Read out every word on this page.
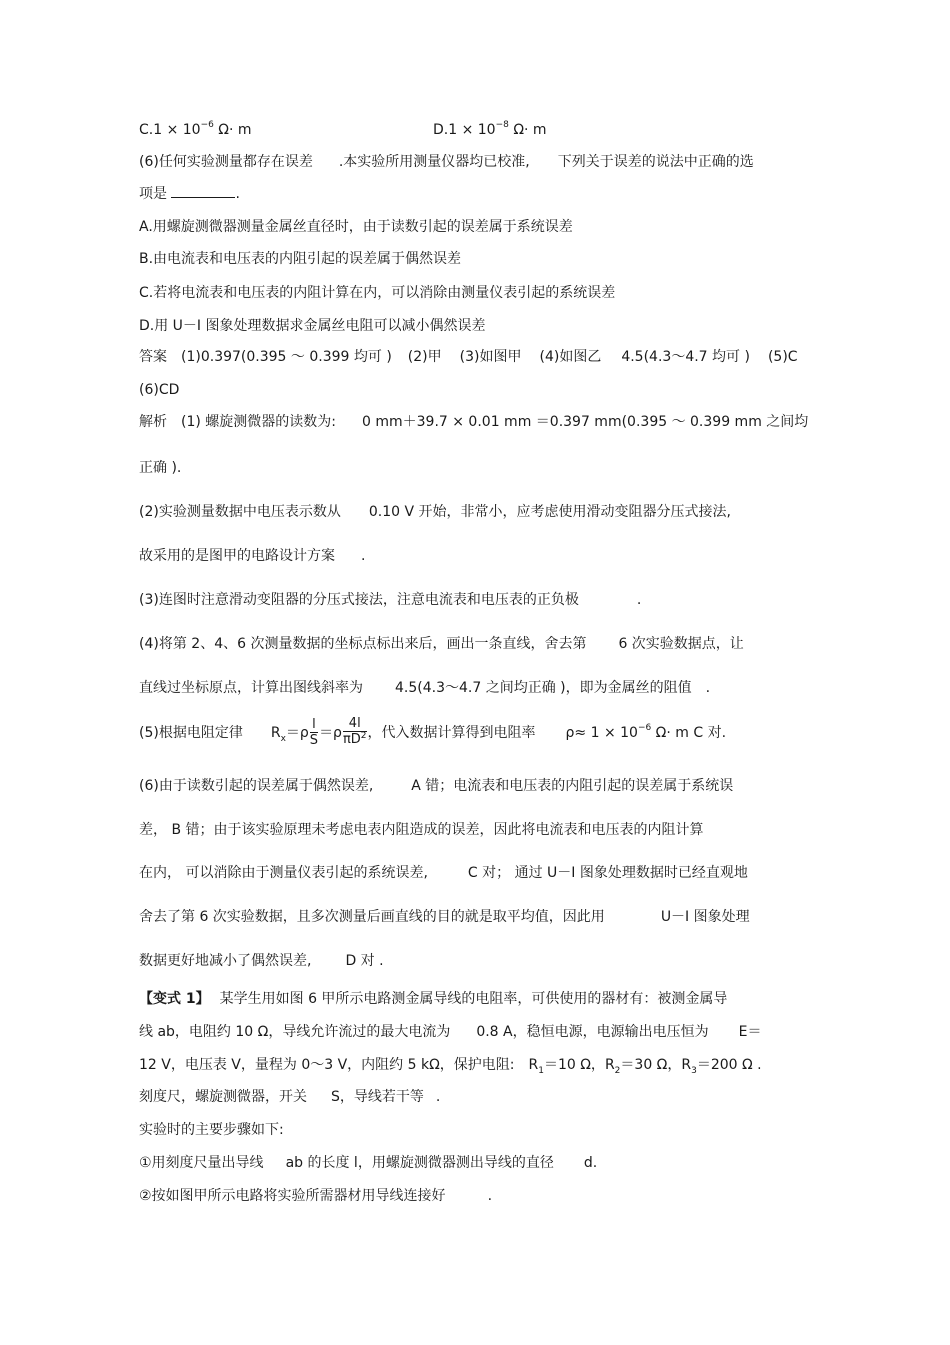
$C.1 \times 10^{-6}$ Ω· m	$D.1 \times 10^{-8}$ Ω· m
(6)任何实验测量都存在误差 .本实验所用测量仪器均已校准, 下列关于误差的说法中正确的选
项是	.
A.用螺旋测微器测量金属丝直径时，由于读数引起的误差属于系统误差
B.由电流表和电压表的内阻引起的误差属于偶然误差
C.若将电流表和电压表的内阻计算在内，可以消除由测量仪表引起的系统误差
D.用 U－I 图象处理数据求金属丝电阻可以减小偶然误差
答案 (1)0.397(0.395 ～ 0.399 均可 ) (2)甲 (3)如图甲 (4)如图乙 4.5(4.3～4.7 均可 ) (5)C
(6)CD
解析 (1) 螺旋测微器的读数为: 0 mm＋39.7 × 0.01 mm ＝0.397 mm(0.395 ～ 0.399 mm 之间均
正确 ).
(2)实验测量数据中电压表示数从 0.10 V 开始，非常小，应考虑使用滑动变阻器分压式接法,
故采用的是图甲的电路设计方案 .
(3)连图时注意滑动变阻器的分压式接法，注意电流表和电压表的正负极	.
(4)将第 2、4、6 次测量数据的坐标点标出来后，画出一条直线，舍去第 6 次实验数据点，让
直线过坐标原点，计算出图线斜率为 4.5(4.3～4.7 之间均正确 )，即为金属丝的阻值 .
(5)根据电阻定律 $R_x=\rho \frac{l}{S} =\rho \frac{4l}{\pi D^2}$ ，代入数据计算得到电阻率 $\rho\approx 1 \times 10^{-6}$ Ω· m C 对.
(6)由于读数引起的误差属于偶然误差,	A 错；电流表和电压表的内阻引起的误差属于系统误
差， B 错；由于该实验原理未考虑电表内阻造成的误差，因此将电流表和电压表的内阻计算
在内， 可以消除由于测量仪表引起的系统误差,	C 对； 通过 U－I 图象处理数据时已经直观地
舍去了第 6 次实验数据，且多次测量后画直线的目的就是取平均值，因此用	U－I 图象处理
数据更好地减小了偶然误差, D 对 .
【变式 1】 某学生用如图 6 甲所示电路测金属导线的电阻率，可供使用的器材有：被测金属导
线 ab，电阻约 10 Ω，导线允许流过的最大电流为 0.8 A，稳恒电源，电源输出电压恒为 E＝
12 V，电压表 V，量程为 0～3 V，内阻约 5 kΩ，保护电阻: $R_1=10$ Ω，$R_2=30$ Ω，$R_3=200$ Ω .
刻度尺，螺旋测微器，开关 S，导线若干等 .
实验时的主要步骤如下:
①用刻度尺量出导线 ab 的长度 l，用螺旋测微器测出导线的直径 d.
②按如图甲所示电路将实验所需器材用导线连接好	.
